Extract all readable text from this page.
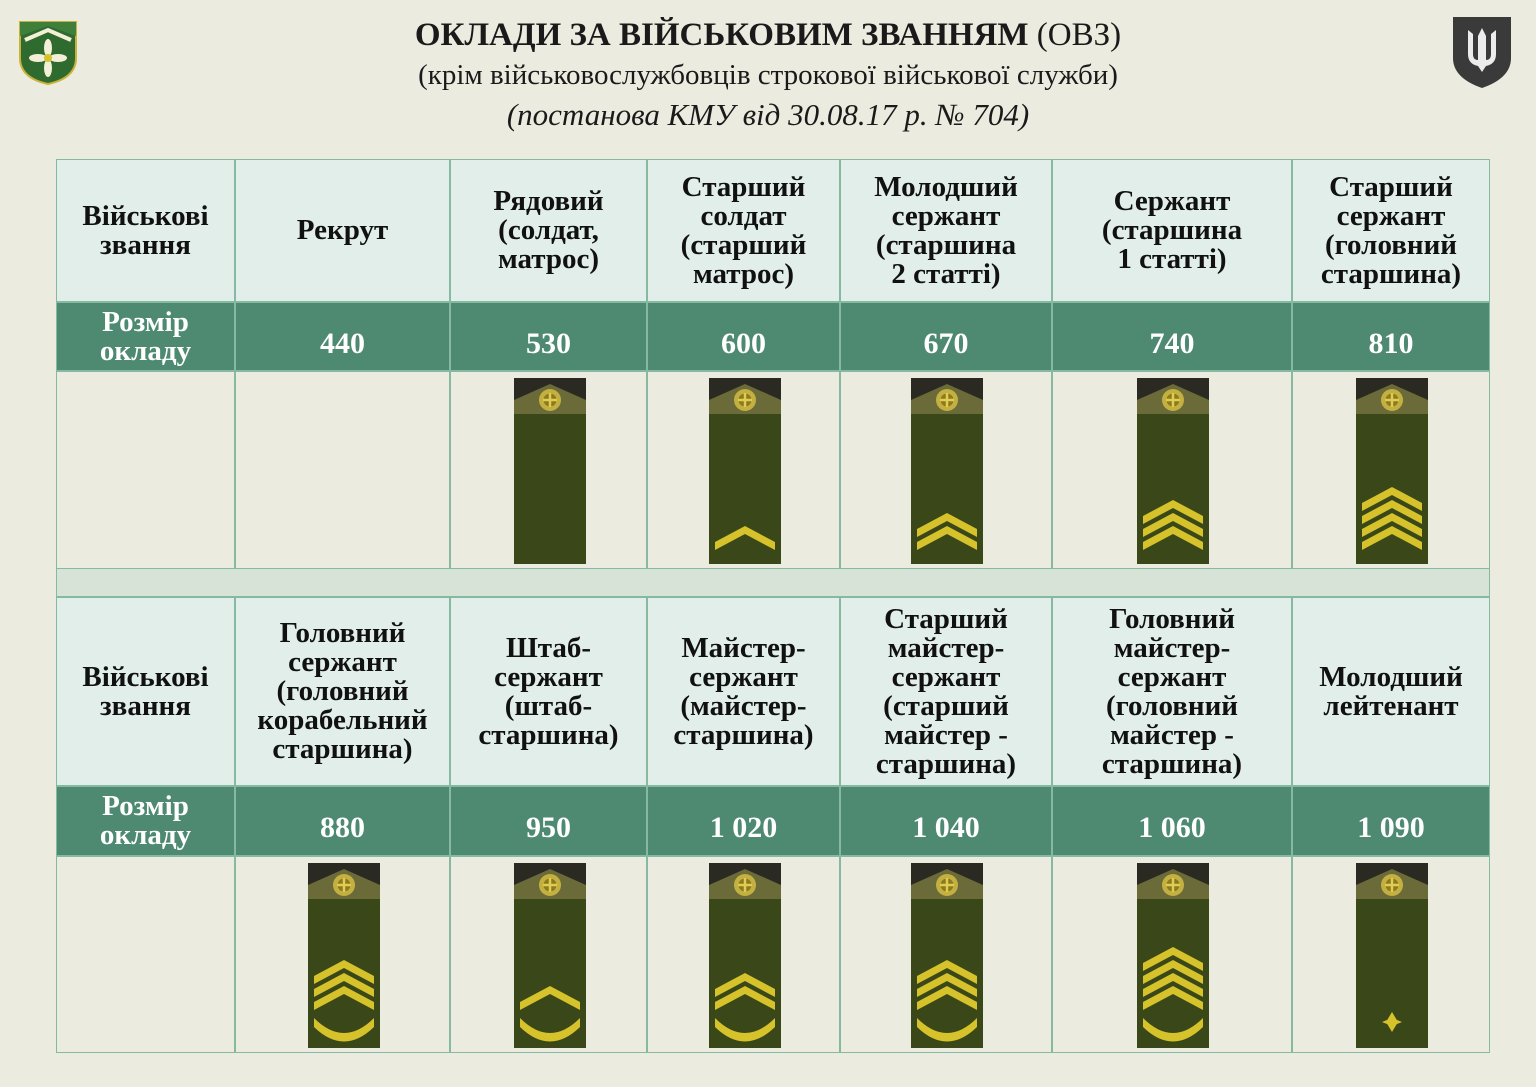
ОКЛАДИ ЗА ВІЙСЬКОВИМ ЗВАННЯМ (ОВЗ)
(крім військовослужбовців строкової військової служби)
(постанова КМУ від 30.08.17 р. № 704)
Військові
звання
Розмір
окладу
Рекрут
440
Рядовий
(солдат,
матрос)
530
Старший
солдат
(старший
матрос)
600
Молодший
сержант
(старшина
2 статті)
670
Сержант
(старшина
1 статті)
740
Старший
сержант
(головний
старшина)
810
Військові
звання
Розмір
окладу
Головний
сержант
(головний
корабельний
старшина)
880
Штаб-
сержант
(штаб-
старшина)
950
Майстер-
сержант
(майстер-
старшина)
1 020
Старший
майстер-
сержант
(старший
майстер -
старшина)
1 040
Головний
майстер-
сержант
(головний
майстер -
старшина)
1 060
Молодший
лейтенант
1 090
